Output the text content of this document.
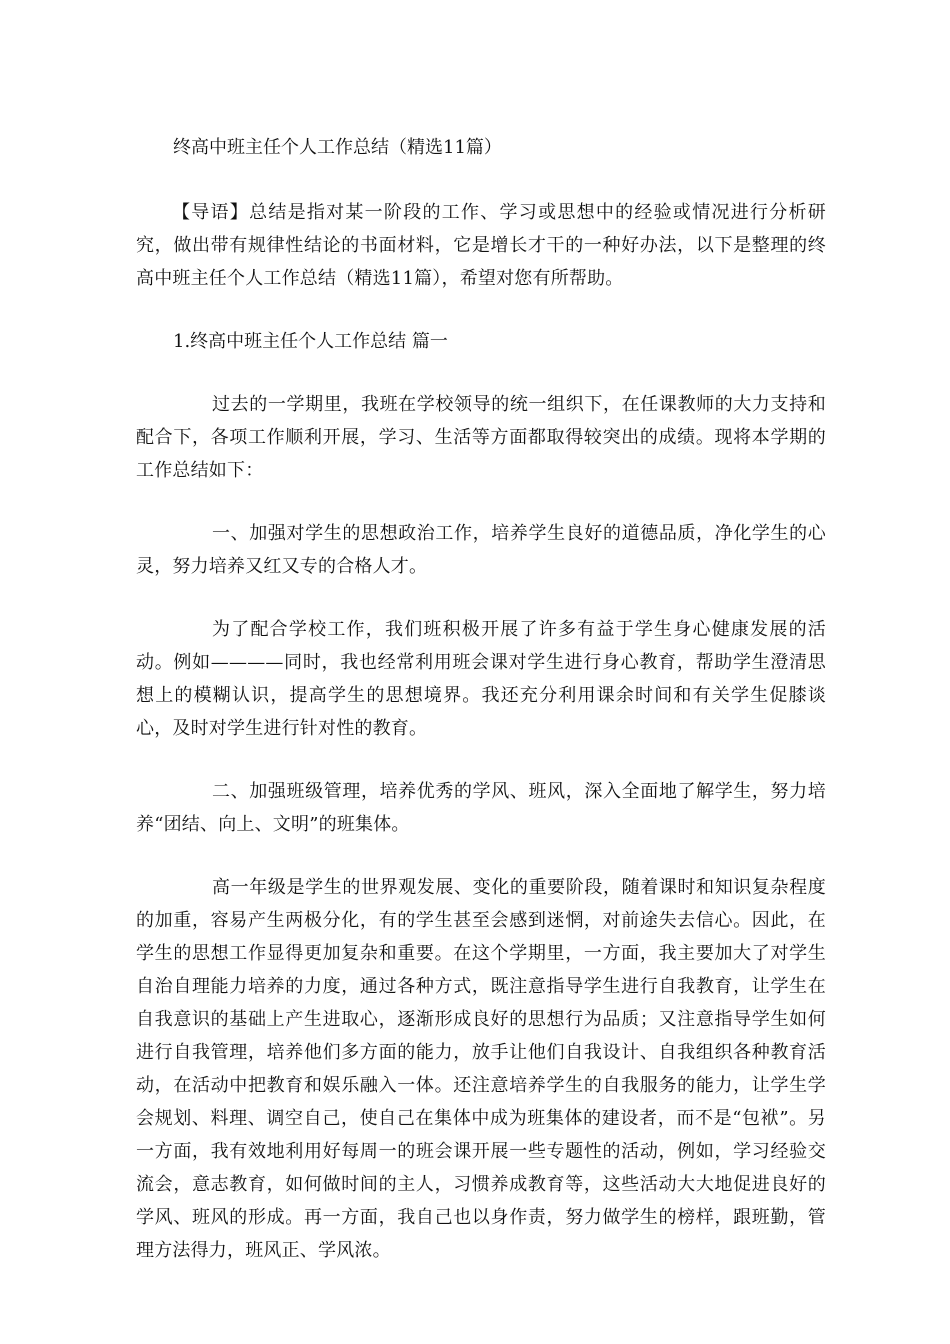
终高中班主任个人工作总结（精选11篇）

【导语】总结是指对某一阶段的工作、学习或思想中的经验或情况进行分析研究，做出带有规律性结论的书面材料，它是增长才干的一种好办法，以下是整理的终高中班主任个人工作总结（精选11篇），希望对您有所帮助。

1.终高中班主任个人工作总结 篇一

过去的一学期里，我班在学校领导的统一组织下，在任课教师的大力支持和配合下，各项工作顺利开展，学习、生活等方面都取得较突出的成绩。现将本学期的工作总结如下：

一、加强对学生的思想政治工作，培养学生良好的道德品质，净化学生的心灵，努力培养又红又专的合格人才。

为了配合学校工作，我们班积极开展了许多有益于学生身心健康发展的活动。例如————同时，我也经常利用班会课对学生进行身心教育，帮助学生澄清思想上的模糊认识，提高学生的思想境界。我还充分利用课余时间和有关学生促膝谈心，及时对学生进行针对性的教育。

二、加强班级管理，培养优秀的学风、班风，深入全面地了解学生，努力培养“团结、向上、文明”的班集体。

高一年级是学生的世界观发展、变化的重要阶段，随着课时和知识复杂程度的加重，容易产生两极分化，有的学生甚至会感到迷惘，对前途失去信心。因此，在学生的思想工作显得更加复杂和重要。在这个学期里，一方面，我主要加大了对学生自治自理能力培养的力度，通过各种方式，既注意指导学生进行自我教育，让学生在自我意识的基础上产生进取心，逐渐形成良好的思想行为品质；又注意指导学生如何进行自我管理，培养他们多方面的能力，放手让他们自我设计、自我组织各种教育活动，在活动中把教育和娱乐融入一体。还注意培养学生的自我服务的能力，让学生学会规划、料理、调空自己，使自己在集体中成为班集体的建设者，而不是“包袱”。另一方面，我有效地利用好每周一的班会课开展一些专题性的活动，例如，学习经验交流会，意志教育，如何做时间的主人，习惯养成教育等，这些活动大大地促进良好的学风、班风的形成。再一方面，我自己也以身作责，努力做学生的榜样，跟班勤，管理方法得力，班风正、学风浓。
